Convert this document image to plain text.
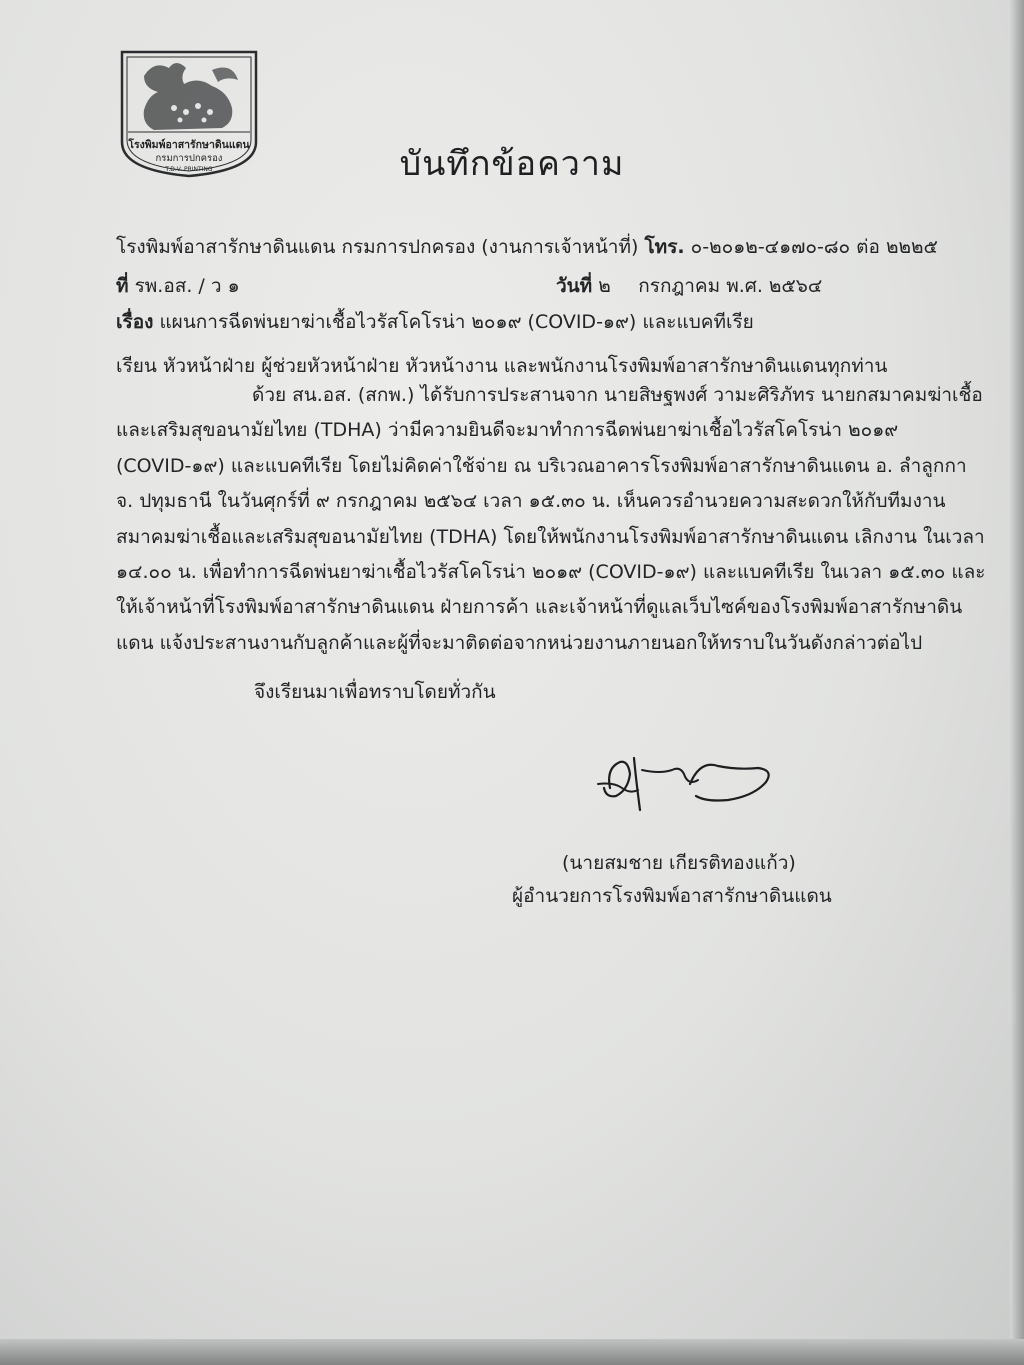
โรงพิมพ์อาสารักษาดินแดน
กรมการปกครอง
T.D.V. PRINTING	บันทึกข้อความ
โรงพิมพ์อาสารักษาดินแดน กรมการปกครอง (งานการเจ้าหน้าที่) โทร. ๐-๒๐๑๒-๔๑๗๐-๘๐ ต่อ ๒๒๒๕
ที่ รพ.อส. / ว ๑	วันที่ ๒ กรกฎาคม พ.ศ. ๒๕๖๔
เรื่อง แผนการฉีดพ่นยาฆ่าเชื้อไวรัสโคโรน่า ๒๐๑๙ (COVID-๑๙) และแบคทีเรีย
เรียน หัวหน้าฝ่าย ผู้ช่วยหัวหน้าฝ่าย หัวหน้างาน และพนักงานโรงพิมพ์อาสารักษาดินแดนทุกท่าน
ด้วย สน.อส. (สกพ.) ได้รับการประสานจาก นายสิษฐพงศ์ วามะศิริภัทร นายกสมาคมฆ่าเชื้อและเสริมสุขอนามัยไทย (TDHA) ว่ามีความยินดีจะมาทำการฉีดพ่นยาฆ่าเชื้อไวรัสโคโรน่า ๒๐๑๙ (COVID-๑๙) และแบคทีเรีย โดยไม่คิดค่าใช้จ่าย ณ บริเวณอาคารโรงพิมพ์อาสารักษาดินแดน อ. ลำลูกกา จ. ปทุมธานี ในวันศุกร์ที่ ๙ กรกฎาคม ๒๕๖๔ เวลา ๑๕.๓๐ น. เห็นควรอำนวยความสะดวกให้กับทีมงานสมาคมฆ่าเชื้อและเสริมสุขอนามัยไทย (TDHA) โดยให้พนักงานโรงพิมพ์อาสารักษาดินแดน เลิกงาน ในเวลา ๑๔.๐๐ น. เพื่อทำการฉีดพ่นยาฆ่าเชื้อไวรัสโคโรน่า ๒๐๑๙ (COVID-๑๙) และแบคทีเรีย ในเวลา ๑๕.๓๐ และให้เจ้าหน้าที่โรงพิมพ์อาสารักษาดินแดน ฝ่ายการค้า และเจ้าหน้าที่ดูแลเว็บไซค์ของโรงพิมพ์อาสารักษาดินแดน แจ้งประสานงานกับลูกค้าและผู้ที่จะมาติดต่อจากหน่วยงานภายนอกให้ทราบในวันดังกล่าวต่อไป
จึงเรียนมาเพื่อทราบโดยทั่วกัน
(นายสมชาย เกียรติทองแก้ว)
ผู้อำนวยการโรงพิมพ์อาสารักษาดินแดน
